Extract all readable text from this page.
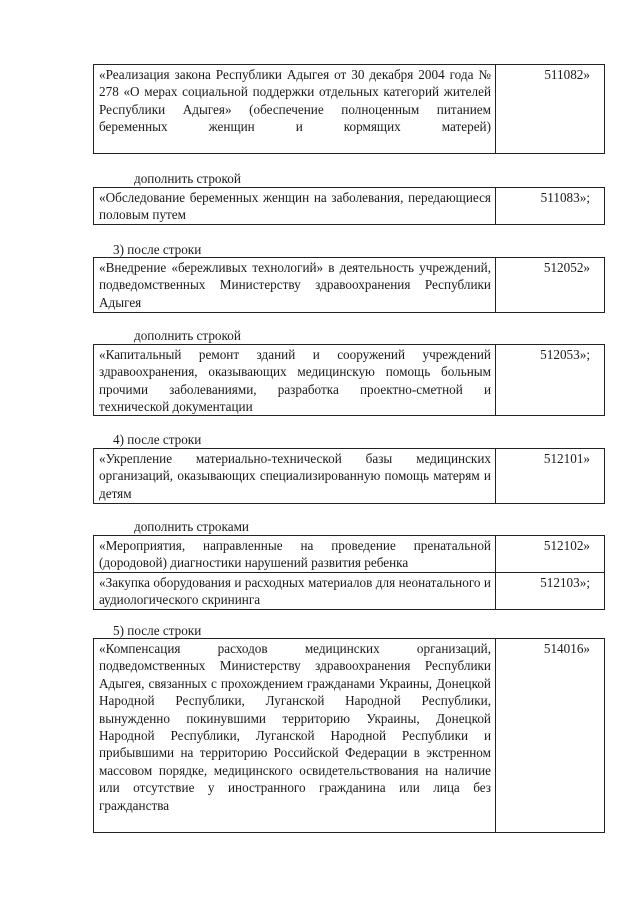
«Реализация закона Республики Адыгея от 30 декабря 2004 года № 278 «О мерах социальной поддержки отдельных категорий жителей Республики Адыгея» (обеспечение полноценным питанием беременных женщин и кормящих матерей)
511082»
дополнить строкой
«Обследование беременных женщин на заболевания, передающиеся половым путем
511083»;
3) после строки
«Внедрение «бережливых технологий» в деятельность учреждений, подведомственных Министерству здравоохранения Республики Адыгея
512052»
дополнить строкой
«Капитальный ремонт зданий и сооружений учреждений здравоохранения, оказывающих медицинскую помощь больным прочими заболеваниями, разработка проектно-сметной и технической документации
512053»;
4) после строки
«Укрепление материально-технической базы медицинских организаций, оказывающих специализированную помощь матерям и детям
512101»
дополнить строками
«Мероприятия, направленные на проведение пренатальной (дородовой) диагностики нарушений развития ребенка
512102»
«Закупка оборудования и расходных материалов для неонатального и аудиологического скрининга
512103»;
5) после строки
«Компенсация расходов медицинских организаций, подведомственных Министерству здравоохранения Республики Адыгея, связанных с прохождением гражданами Украины, Донецкой Народной Республики, Луганской Народной Республики, вынужденно покинувшими территорию Украины, Донецкой Народной Республики, Луганской Народной Республики и прибывшими на территорию Российской Федерации в экстренном массовом порядке, медицинского освидетельствования на наличие или отсутствие у иностранного гражданина или лица без гражданства
514016»
